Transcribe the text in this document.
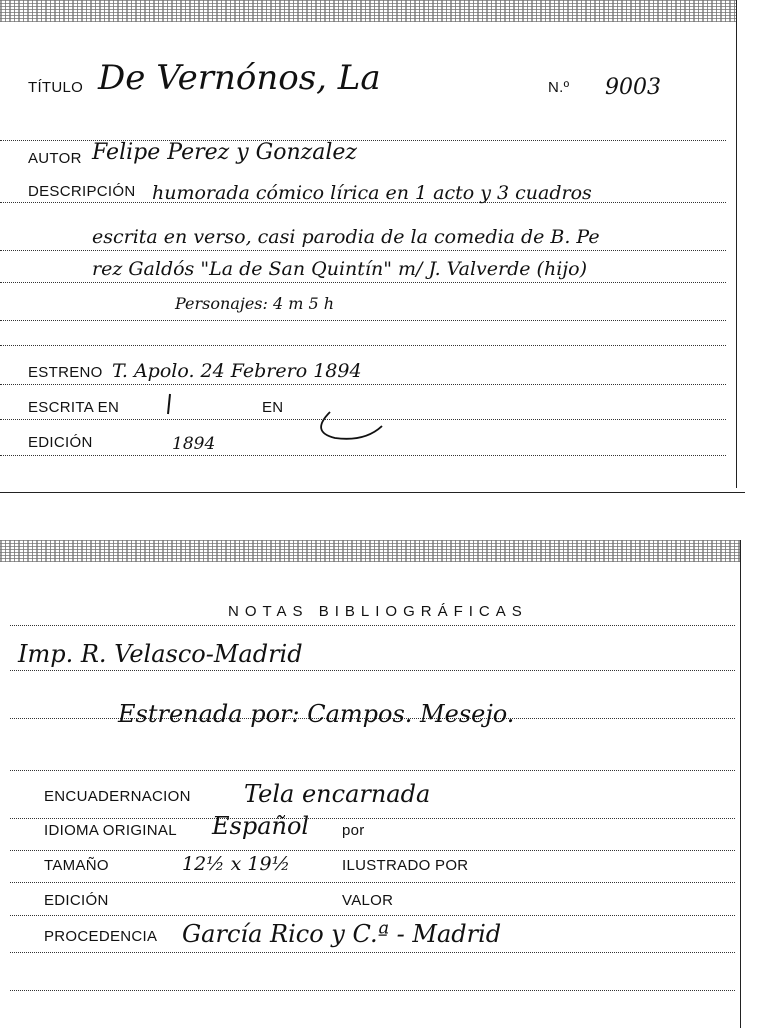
TÍTULO De Vernónos, La	N.º 9003
AUTOR Felipe Perez y Gonzalez
DESCRIPCIÓN humorada cómico lírica en 1 acto y 3 cuadros
escrita en verso, casi parodia de la comedia de B. Pe
rez Galdós "La de San Quintín" m/ J. Valverde (hijo)
Personajes: 4 m 5 h
ESTRENO T. Apolo. 24 Febrero 1894
ESCRITA EN	EN
EDICIÓN	1894
NOTAS BIBLIOGRÁFICAS
Imp. R. Velasco-Madrid
Estrenada por: Campos. Mesejo.
ENCUADERNACION Tela encarnada
IDIOMA ORIGINAL Español por
TAMAÑO	12½ x 19½	ILUSTRADO POR
EDICIÓN	VALOR
PROCEDENCIA García Rico y C.ª - Madrid
